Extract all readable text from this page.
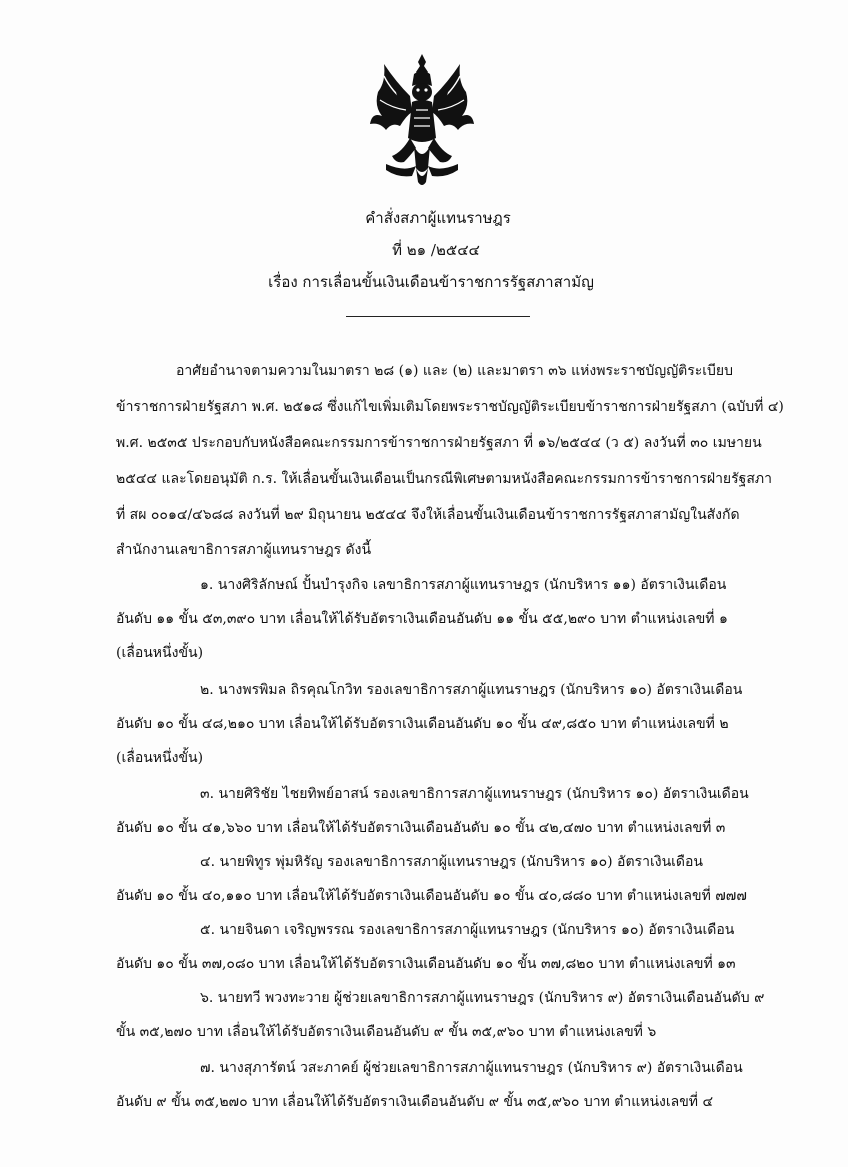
คำสั่งสภาผู้แทนราษฎร
ที่ ๒๑ /๒๕๔๔
เรื่อง การเลื่อนขั้นเงินเดือนข้าราชการรัฐสภาสามัญ
อาศัยอำนาจตามความในมาตรา ๒๘ (๑) และ (๒) และมาตรา ๓๖ แห่งพระราชบัญญัติระเบียบ
ข้าราชการฝ่ายรัฐสภา พ.ศ. ๒๕๑๘ ซึ่งแก้ไขเพิ่มเติมโดยพระราชบัญญัติระเบียบข้าราชการฝ่ายรัฐสภา (ฉบับที่ ๔)
พ.ศ. ๒๕๓๕ ประกอบกับหนังสือคณะกรรมการข้าราชการฝ่ายรัฐสภา ที่ ๑๖/๒๕๔๔ (ว ๕) ลงวันที่ ๓๐ เมษายน
๒๕๔๔ และโดยอนุมัติ ก.ร. ให้เลื่อนขั้นเงินเดือนเป็นกรณีพิเศษตามหนังสือคณะกรรมการข้าราชการฝ่ายรัฐสภา
ที่ สผ ๐๐๑๔/๔๖๘๘ ลงวันที่ ๒๙ มิถุนายน ๒๕๔๔ จึงให้เลื่อนขั้นเงินเดือนข้าราชการรัฐสภาสามัญในสังกัด
สำนักงานเลขาธิการสภาผู้แทนราษฎร ดังนี้
๑. นางศิริลักษณ์ ปั้นบำรุงกิจ เลขาธิการสภาผู้แทนราษฎร (นักบริหาร ๑๑) อัตราเงินเดือน
อันดับ ๑๑ ขั้น ๕๓,๓๙๐ บาท เลื่อนให้ได้รับอัตราเงินเดือนอันดับ ๑๑ ขั้น ๕๕,๒๙๐ บาท ตำแหน่งเลขที่ ๑
(เลื่อนหนึ่งขั้น)
๒. นางพรพิมล ถิรคุณโกวิท รองเลขาธิการสภาผู้แทนราษฎร (นักบริหาร ๑๐) อัตราเงินเดือน
อันดับ ๑๐ ขั้น ๔๘,๒๑๐ บาท เลื่อนให้ได้รับอัตราเงินเดือนอันดับ ๑๐ ขั้น ๔๙,๘๕๐ บาท ตำแหน่งเลขที่ ๒
(เลื่อนหนึ่งขั้น)
๓. นายศิริชัย ไชยทิพย์อาสน์ รองเลขาธิการสภาผู้แทนราษฎร (นักบริหาร ๑๐) อัตราเงินเดือน
อันดับ ๑๐ ขั้น ๔๑,๖๖๐ บาท เลื่อนให้ได้รับอัตราเงินเดือนอันดับ ๑๐ ขั้น ๔๒,๔๗๐ บาท ตำแหน่งเลขที่ ๓
๔. นายพิทูร พุ่มหิรัญ รองเลขาธิการสภาผู้แทนราษฎร (นักบริหาร ๑๐) อัตราเงินเดือน
อันดับ ๑๐ ขั้น ๔๐,๑๑๐ บาท เลื่อนให้ได้รับอัตราเงินเดือนอันดับ ๑๐ ขั้น ๔๐,๘๘๐ บาท ตำแหน่งเลขที่ ๗๗๗
๕. นายจินดา เจริญพรรณ รองเลขาธิการสภาผู้แทนราษฎร (นักบริหาร ๑๐) อัตราเงินเดือน
อันดับ ๑๐ ขั้น ๓๗,๐๘๐ บาท เลื่อนให้ได้รับอัตราเงินเดือนอันดับ ๑๐ ขั้น ๓๗,๘๒๐ บาท ตำแหน่งเลขที่ ๑๓
๖. นายทวี พวงทะวาย ผู้ช่วยเลขาธิการสภาผู้แทนราษฎร (นักบริหาร ๙) อัตราเงินเดือนอันดับ ๙
ขั้น ๓๕,๒๗๐ บาท เลื่อนให้ได้รับอัตราเงินเดือนอันดับ ๙ ขั้น ๓๕,๙๖๐ บาท ตำแหน่งเลขที่ ๖
๗. นางสุภารัตน์ วสะภาคย์ ผู้ช่วยเลขาธิการสภาผู้แทนราษฎร (นักบริหาร ๙) อัตราเงินเดือน
อันดับ ๙ ขั้น ๓๕,๒๗๐ บาท เลื่อนให้ได้รับอัตราเงินเดือนอันดับ ๙ ขั้น ๓๕,๙๖๐ บาท ตำแหน่งเลขที่ ๔
